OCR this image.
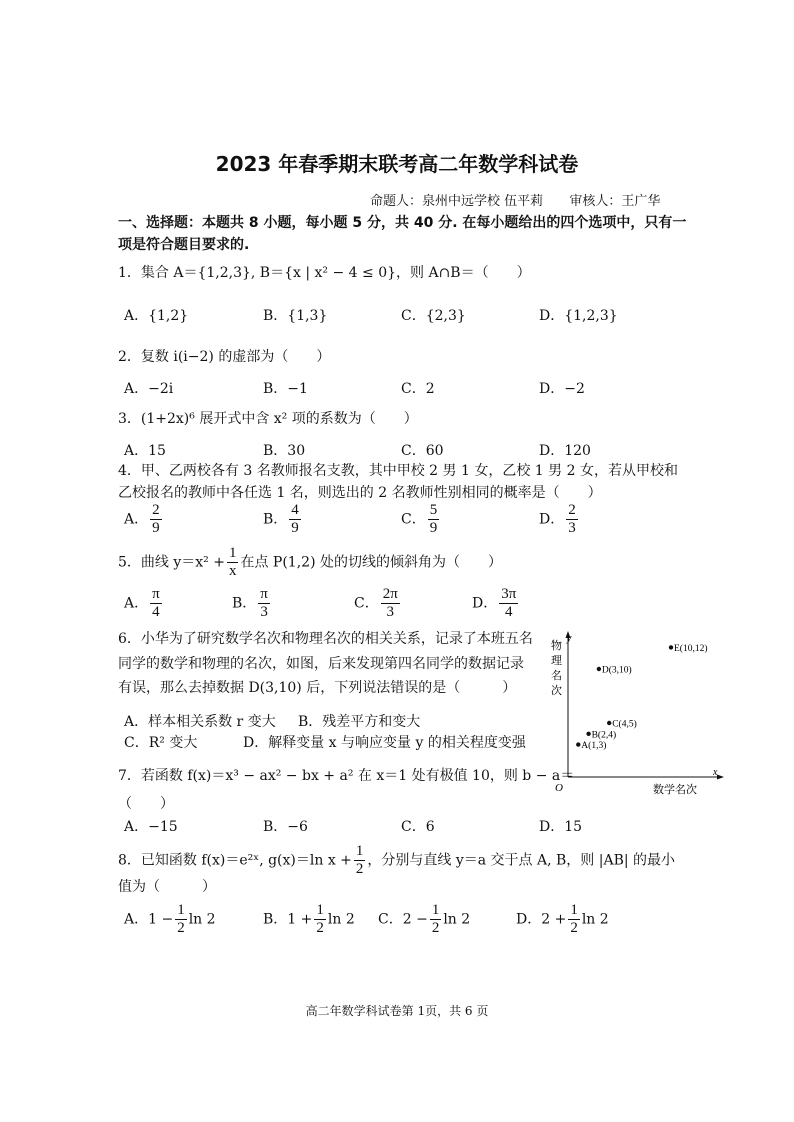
2023 年春季期末联考高二年数学科试卷
命题人：泉州中远学校 伍平莉 审核人：王广华
一、选择题：本题共 8 小题，每小题 5 分，共 40 分. 在每小题给出的四个选项中，只有一
项是符合题目要求的.
1．集合 A＝{1,2,3}, B＝{x | x² − 4 ≤ 0}，则 A∩B＝（　　）
A．{1,2}	B．{1,3}	C．{2,3}	D．{1,2,3}
2．复数 i(i−2) 的虚部为（　　）
A．−2i	B．−1	C．2	D．−2
3．(1+2x)⁶ 展开式中含 x² 项的系数为（　　）
A．15	B．30	C．60	D．120
4．甲、乙两校各有 3 名教师报名支教，其中甲校 2 男 1 女，乙校 1 男 2 女，若从甲校和
乙校报名的教师中各任选 1 名，则选出的 2 名教师性别相同的概率是（　　）
A． $\frac{2}{9}$	B． $\frac{4}{9}$	C． $\frac{5}{9}$	D． $\frac{2}{3}$
5．曲线 $y=x^2 + \frac{1}{x}$ 在点 P(1,2) 处的切线的倾斜角为（　　）
A． $\frac{\pi}{4}$	B． $\frac{\pi}{3}$	C． $\frac{2\pi}{3}$	D． $\frac{3\pi}{4}$
6．小华为了研究数学名次和物理名次的相关关系，记录了本班五名
同学的数学和物理的名次，如图，后来发现第四名同学的数据记录
有误，那么去掉数据 D(3,10) 后，下列说法错误的是（　　　）
A．样本相关系数 r 变大 B．残差平方和变大
C．R² 变大	D．解释变量 x 与响应变量 y 的相关程度变强
y
x
O	数学名次
物
理
名
次
A(1,3)
B(2,4)
C(4,5)
D(3,10)
E(10,12)
7．若函数 f(x)＝x³ − ax² − bx + a² 在 x＝1 处有极值 10，则 b − a＝
（　　）
A．−15	B．−6	C．6	D．15
8．已知函数 f(x)＝e²ˣ, g(x)＝ln $x + \frac{1}{2}$ ，分别与直线 y＝a 交于点 A, B，则 |AB| 的最小
值为（　　　）
A．$1 - \frac{1}{2}$ ln 2	B．$1 + \frac{1}{2}$ ln 2 C．$2 - \frac{1}{2}$ ln 2	D．$2 + \frac{1}{2}$ ln 2
高二年数学科试卷第 1页，共 6 页
